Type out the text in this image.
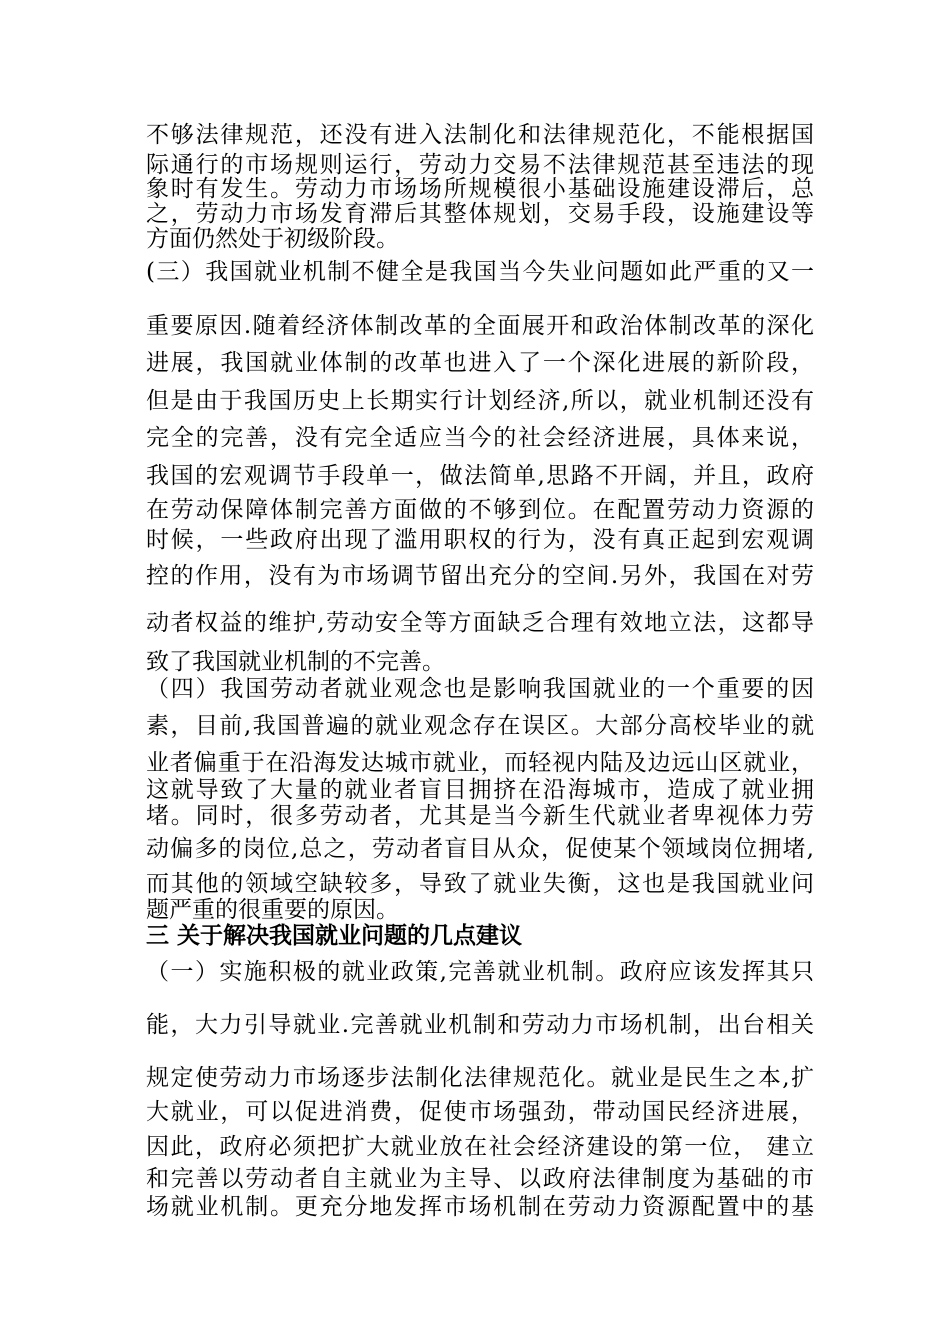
不够法律规范，还没有进入法制化和法律规范化，不能根据国
际通行的市场规则运行，劳动力交易不法律规范甚至违法的现
象时有发生。劳动力市场场所规模很小基础设施建设滞后，总
之，劳动力市场发育滞后其整体规划，交易手段，设施建设等
方面仍然处于初级阶段。
(三）我国就业机制不健全是我国当今失业问题如此严重的又一
重要原因.随着经济体制改革的全面展开和政治体制改革的深化
进展，我国就业体制的改革也进入了一个深化进展的新阶段，
但是由于我国历史上长期实行计划经济,所以，就业机制还没有
完全的完善，没有完全适应当今的社会经济进展，具体来说，
我国的宏观调节手段单一，做法简单,思路不开阔，并且，政府
在劳动保障体制完善方面做的不够到位。在配置劳动力资源的
时候，一些政府出现了滥用职权的行为，没有真正起到宏观调
控的作用，没有为市场调节留出充分的空间.另外，我国在对劳
动者权益的维护,劳动安全等方面缺乏合理有效地立法，这都导
致了我国就业机制的不完善。
（四）我国劳动者就业观念也是影响我国就业的一个重要的因
素，目前,我国普遍的就业观念存在误区。大部分高校毕业的就
业者偏重于在沿海发达城市就业，而轻视内陆及边远山区就业，
这就导致了大量的就业者盲目拥挤在沿海城市，造成了就业拥
堵。同时，很多劳动者，尤其是当今新生代就业者卑视体力劳
动偏多的岗位,总之，劳动者盲目从众，促使某个领域岗位拥堵,
而其他的领域空缺较多，导致了就业失衡，这也是我国就业问
题严重的很重要的原因。
三 关于解决我国就业问题的几点建议
（一）实施积极的就业政策,完善就业机制。政府应该发挥其只
能，大力引导就业.完善就业机制和劳动力市场机制，出台相关
规定使劳动力市场逐步法制化法律规范化。就业是民生之本,扩
大就业，可以促进消费，促使市场强劲，带动国民经济进展，
因此，政府必须把扩大就业放在社会经济建设的第一位， 建立
和完善以劳动者自主就业为主导、以政府法律制度为基础的市
场就业机制。更充分地发挥市场机制在劳动力资源配置中的基
